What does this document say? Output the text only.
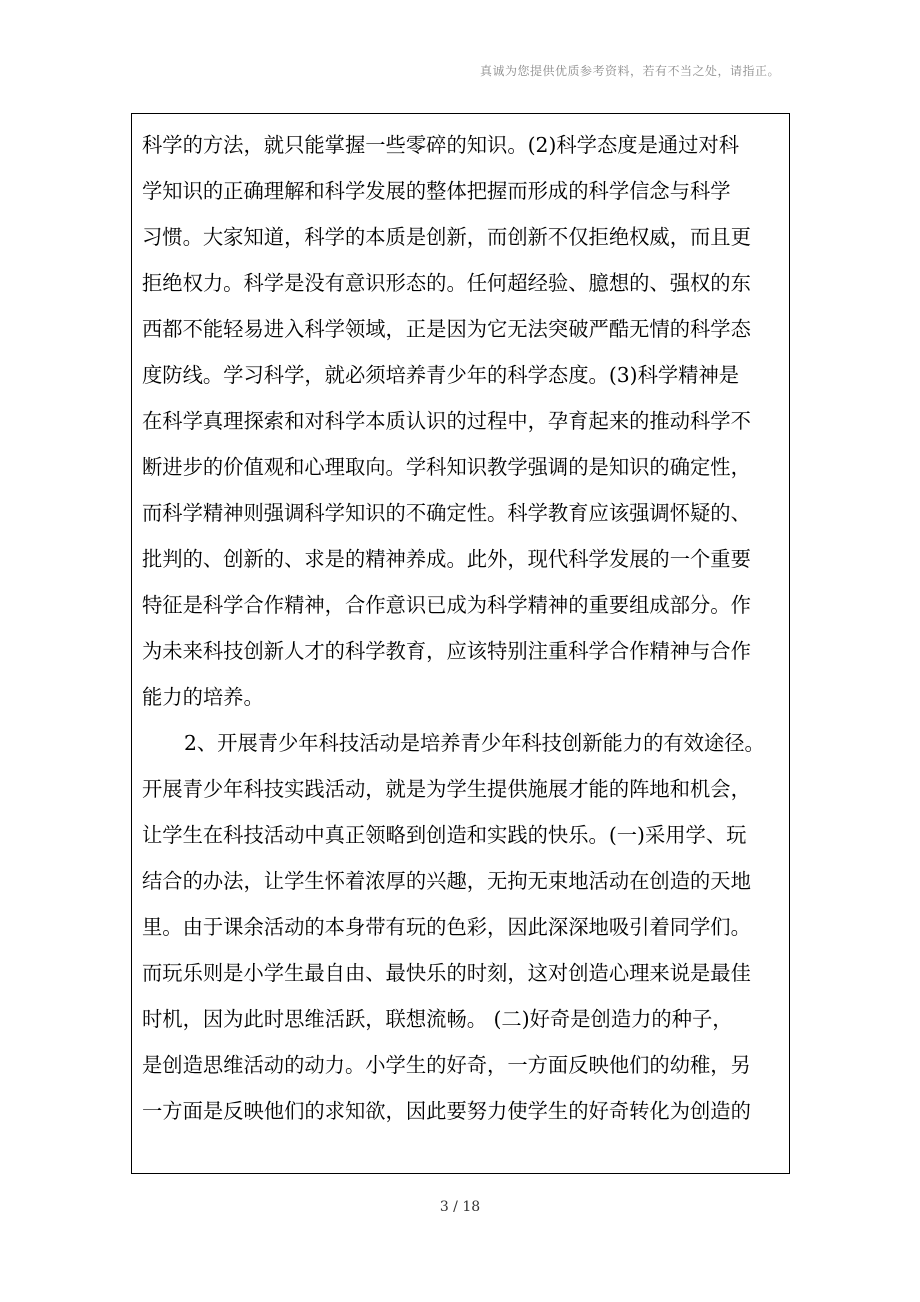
真诚为您提供优质参考资料，若有不当之处，请指正。
科学的方法，就只能掌握一些零碎的知识。(2)科学态度是通过对科
学知识的正确理解和科学发展的整体把握而形成的科学信念与科学
习惯。大家知道，科学的本质是创新，而创新不仅拒绝权威，而且更
拒绝权力。科学是没有意识形态的。任何超经验、臆想的、强权的东
西都不能轻易进入科学领域，正是因为它无法突破严酷无情的科学态
度防线。学习科学，就必须培养青少年的科学态度。(3)科学精神是
在科学真理探索和对科学本质认识的过程中，孕育起来的推动科学不
断进步的价值观和心理取向。学科知识教学强调的是知识的确定性，
而科学精神则强调科学知识的不确定性。科学教育应该强调怀疑的、
批判的、创新的、求是的精神养成。此外，现代科学发展的一个重要
特征是科学合作精神，合作意识已成为科学精神的重要组成部分。作
为未来科技创新人才的科学教育，应该特别注重科学合作精神与合作
能力的培养。
2、开展青少年科技活动是培养青少年科技创新能力的有效途径。
开展青少年科技实践活动，就是为学生提供施展才能的阵地和机会，
让学生在科技活动中真正领略到创造和实践的快乐。(一)采用学、玩
结合的办法，让学生怀着浓厚的兴趣，无拘无束地活动在创造的天地
里。由于课余活动的本身带有玩的色彩，因此深深地吸引着同学们。
而玩乐则是小学生最自由、最快乐的时刻，这对创造心理来说是最佳
时机，因为此时思维活跃，联想流畅。 (二)好奇是创造力的种子，
是创造思维活动的动力。小学生的好奇，一方面反映他们的幼稚，另
一方面是反映他们的求知欲，因此要努力使学生的好奇转化为创造的
3 / 18
